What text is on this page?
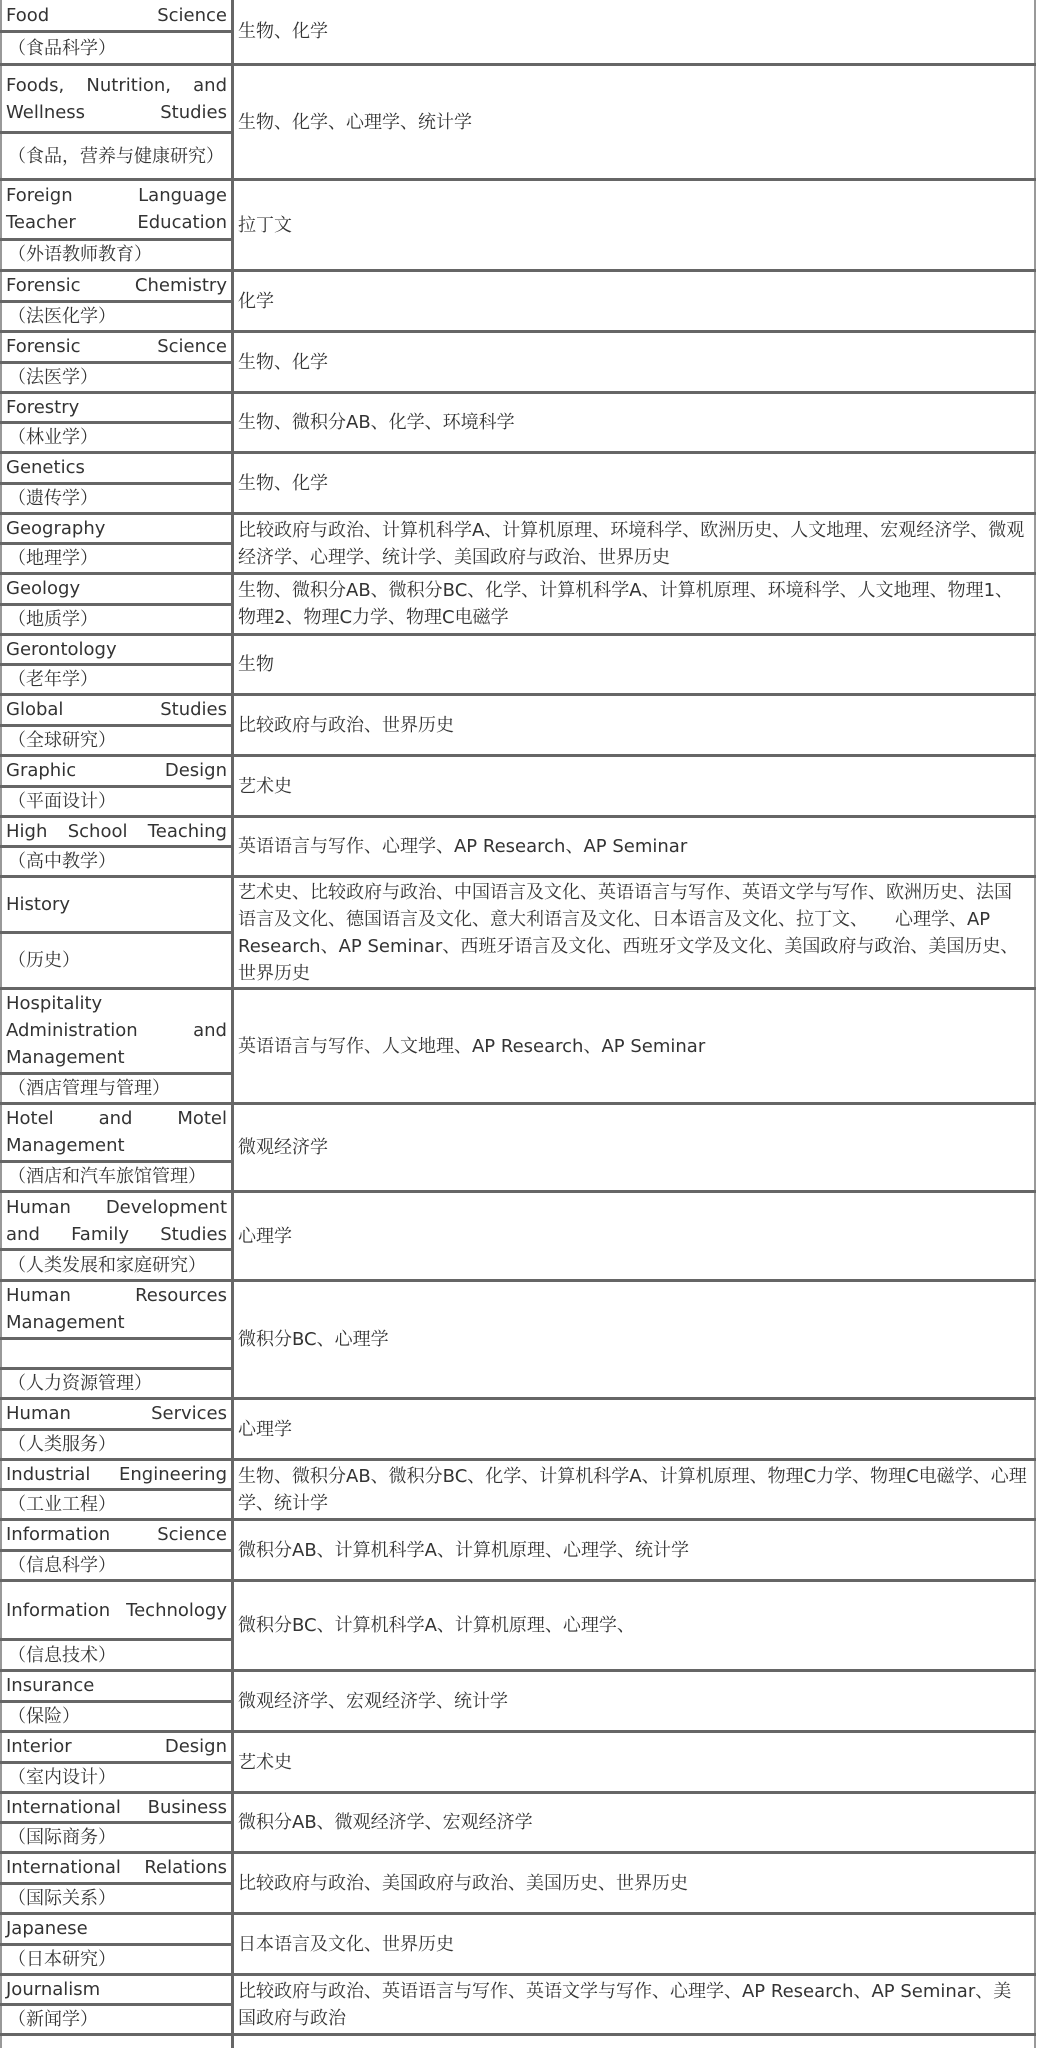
Food Science
（食品科学）
生物、化学
Foods, Nutrition, and Wellness Studies
（食品，营养与健康研究）
生物、化学、心理学、统计学
Foreign Language Teacher Education
（外语教师教育）
拉丁文
Forensic Chemistry
（法医化学）
化学
Forensic Science
（法医学）
生物、化学
Forestry
（林业学）
生物、微积分AB、化学、环境科学
Genetics
（遗传学）
生物、化学
Geography
（地理学）
比较政府与政治、计算机科学A、计算机原理、环境科学、欧洲历史、人文地理、宏观经济学、微观经济学、心理学、统计学、美国政府与政治、世界历史
Geology
（地质学）
生物、微积分AB、微积分BC、化学、计算机科学A、计算机原理、环境科学、人文地理、物理1、物理2、物理C力学、物理C电磁学
Gerontology
（老年学）
生物
Global Studies
（全球研究）
比较政府与政治、世界历史
Graphic Design
（平面设计）
艺术史
High School Teaching
（高中教学）
英语语言与写作、心理学、AP Research、AP Seminar
History
（历史）
艺术史、比较政府与政治、中国语言及文化、英语语言与写作、英语文学与写作、欧洲历史、法国语言及文化、德国语言及文化、意大利语言及文化、日本语言及文化、拉丁文、　　心理学、AP Research、AP Seminar、西班牙语言及文化、西班牙文学及文化、美国政府与政治、美国历史、世界历史
Hospitality Administration and Management
（酒店管理与管理）
英语语言与写作、人文地理、AP Research、AP Seminar
Hotel and Motel Management
（酒店和汽车旅馆管理）
微观经济学
Human Development and Family Studies
（人类发展和家庭研究）
心理学
Human Resources Management
（人力资源管理）
微积分BC、心理学
Human Services
（人类服务）
心理学
Industrial Engineering
（工业工程）
生物、微积分AB、微积分BC、化学、计算机科学A、计算机原理、物理C力学、物理C电磁学、心理学、统计学
Information Science
（信息科学）
微积分AB、计算机科学A、计算机原理、心理学、统计学
Information Technology
（信息技术）
微积分BC、计算机科学A、计算机原理、心理学、
Insurance
（保险）
微观经济学、宏观经济学、统计学
Interior Design
（室内设计）
艺术史
International Business
（国际商务）
微积分AB、微观经济学、宏观经济学
International Relations
（国际关系）
比较政府与政治、美国政府与政治、美国历史、世界历史
Japanese
（日本研究）
日本语言及文化、世界历史
Journalism
（新闻学）
比较政府与政治、英语语言与写作、英语文学与写作、心理学、AP Research、AP Seminar、美国政府与政治
